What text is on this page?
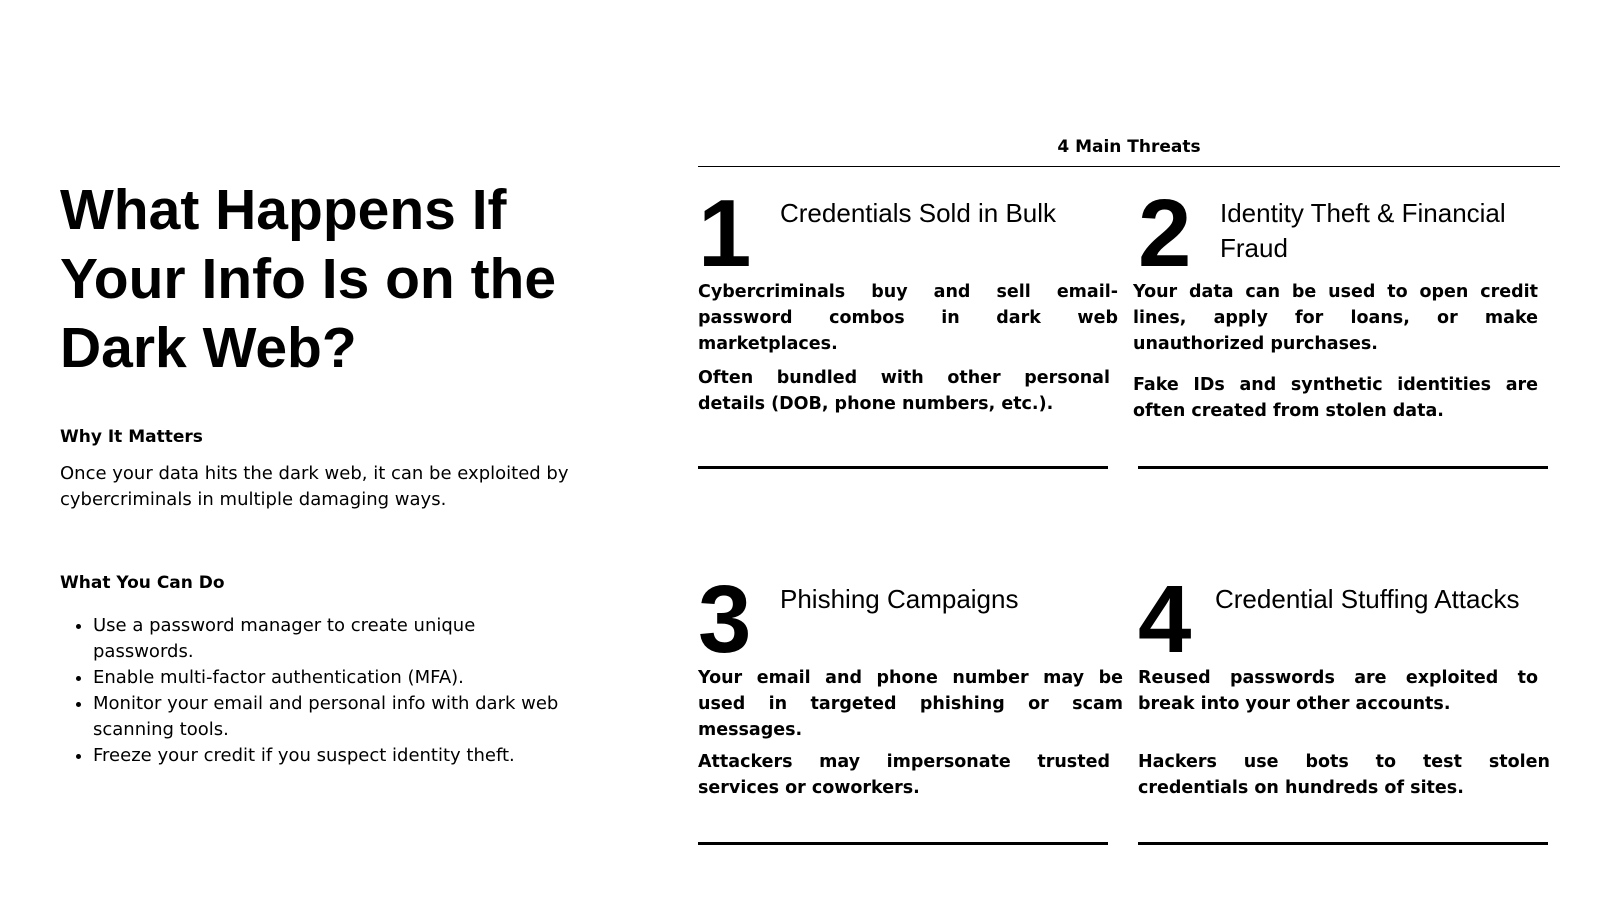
What Happens If Your Info Is on the Dark Web?
Why It Matters

Once your data hits the dark web, it can be exploited by cybercriminals in multiple damaging ways.

What You Can Do
• Use a password manager to create unique passwords.
• Enable multi-factor authentication (MFA).
• Monitor your email and personal info with dark web scanning tools.
• Freeze your credit if you suspect identity theft.
4 Main Threats
1 Credentials Sold in Bulk

Cybercriminals buy and sell email-password combos in dark web marketplaces.

Often bundled with other personal details (DOB, phone numbers, etc.).

2 Identity Theft & Financial Fraud

Your data can be used to open credit lines, apply for loans, or make unauthorized purchases.

Fake IDs and synthetic identities are often created from stolen data.

3 Phishing Campaigns

Your email and phone number may be used in targeted phishing or scam messages.

Attackers may impersonate trusted services or coworkers.

4 Credential Stuffing Attacks

Reused passwords are exploited to break into your other accounts.

Hackers use bots to test stolen credentials on hundreds of sites.
